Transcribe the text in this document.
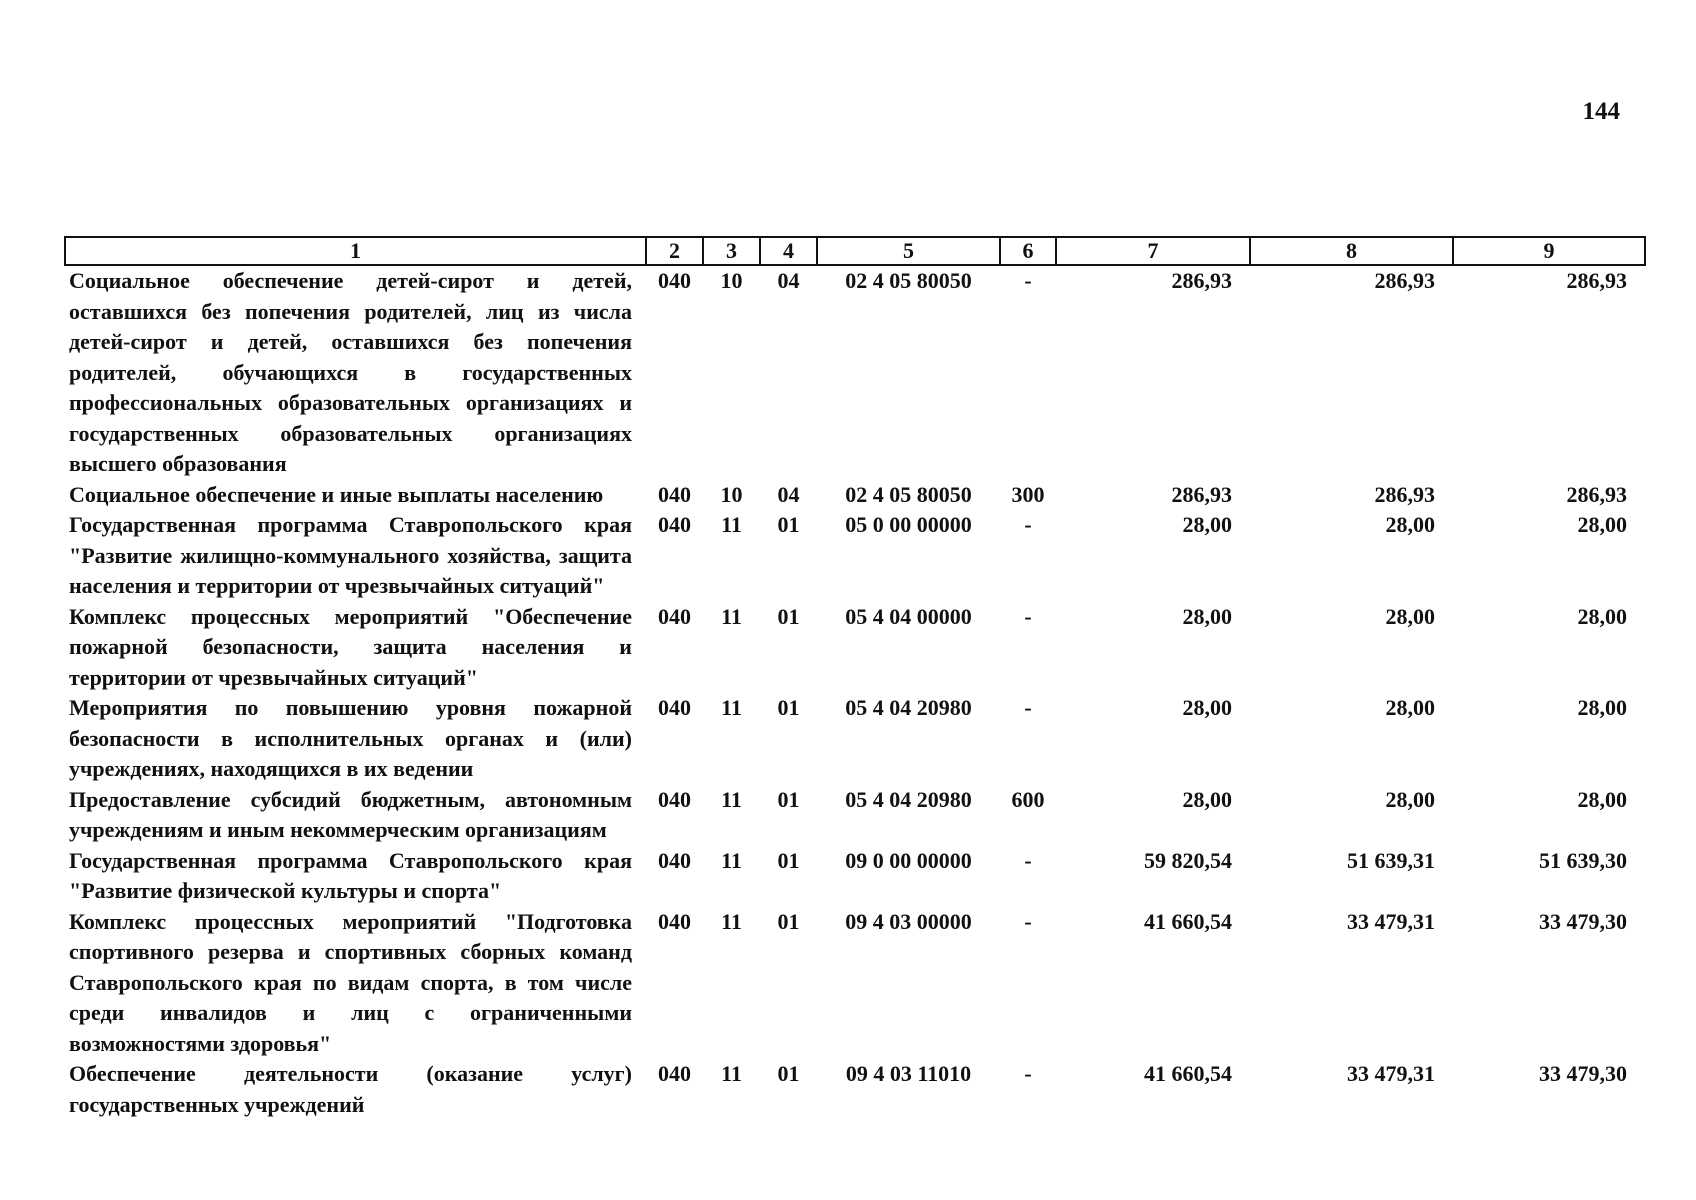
144
1	2	3	4	5	6	7	8	9
Социальное обеспечение детей-сирот и детей, оставшихся без попечения родителей, лиц из числа детей-сирот и детей, оставшихся без попечения родителей, обучающихся в государственных профессиональных образовательных организациях и государственных образовательных организациях высшего образования	040	10	04	02 4 05 80050	-	286,93	286,93	286,93
Социальное обеспечение и иные выплаты населению	040	10	04	02 4 05 80050	300	286,93	286,93	286,93
Государственная программа Ставропольского края "Развитие жилищно-коммунального хозяйства, защита населения и территории от чрезвычайных ситуаций"	040	11	01	05 0 00 00000	-	28,00	28,00	28,00
Комплекс процессных мероприятий "Обеспечение пожарной безопасности, защита населения и территории от чрезвычайных ситуаций"	040	11	01	05 4 04 00000	-	28,00	28,00	28,00
Мероприятия по повышению уровня пожарной безопасности в исполнительных органах и (или) учреждениях, находящихся в их ведении	040	11	01	05 4 04 20980	-	28,00	28,00	28,00
Предоставление субсидий бюджетным, автономным учреждениям и иным некоммерческим организациям	040	11	01	05 4 04 20980	600	28,00	28,00	28,00
Государственная программа Ставропольского края "Развитие физической культуры и спорта"	040	11	01	09 0 00 00000	-	59 820,54	51 639,31	51 639,30
Комплекс процессных мероприятий "Подготовка спортивного резерва и спортивных сборных команд Ставропольского края по видам спорта, в том числе среди инвалидов и лиц с ограниченными возможностями здоровья"	040	11	01	09 4 03 00000	-	41 660,54	33 479,31	33 479,30
Обеспечение деятельности (оказание услуг) государственных учреждений	040	11	01	09 4 03 11010	-	41 660,54	33 479,31	33 479,30
